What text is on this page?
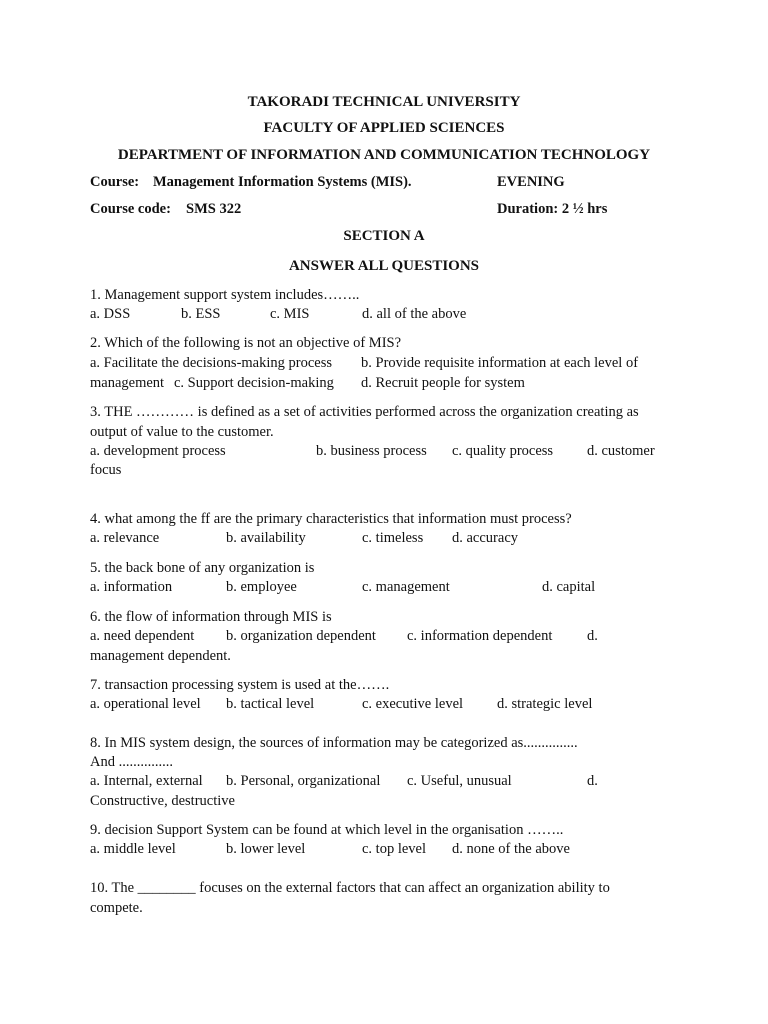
TAKORADI TECHNICAL UNIVERSITY
FACULTY OF APPLIED SCIENCES
DEPARTMENT OF INFORMATION AND COMMUNICATION TECHNOLOGY
Course: Management Information Systems (MIS).	EVENING
Course code: SMS 322	Duration: 2 ½ hrs
SECTION A
ANSWER ALL QUESTIONS
1. Management support system includes……..
a. DSS	b. ESS	c. MIS	d. all of the above
2. Which of the following is not an objective of MIS?
a. Facilitate the decisions-making process b. Provide requisite information at each level of
management c. Support decision-making d. Recruit people for system
3. THE ………… is defined as a set of activities performed across the organization creating as
output of value to the customer.
a. development process	b. business process c. quality process d. customer
focus
4. what among the ff are the primary characteristics that information must process?
a. relevance	b. availability	c. timeless d. accuracy
5. the back bone of any organization is
a. information	b. employee	c. management	d. capital
6. the flow of information through MIS is
a. need dependent b. organization dependent c. information dependent d.
management dependent.
7. transaction processing system is used at the…….
a. operational level b. tactical level	c. executive level d. strategic level
8. In MIS system design, the sources of information may be categorized as...............
And ...............
a. Internal, external b. Personal, organizational c. Useful, unusual	d.
Constructive, destructive
9. decision Support System can be found at which level in the organisation ……..
a. middle level	b. lower level	c. top level d. none of the above
10. The ________ focuses on the external factors that can affect an organization ability to
compete.
